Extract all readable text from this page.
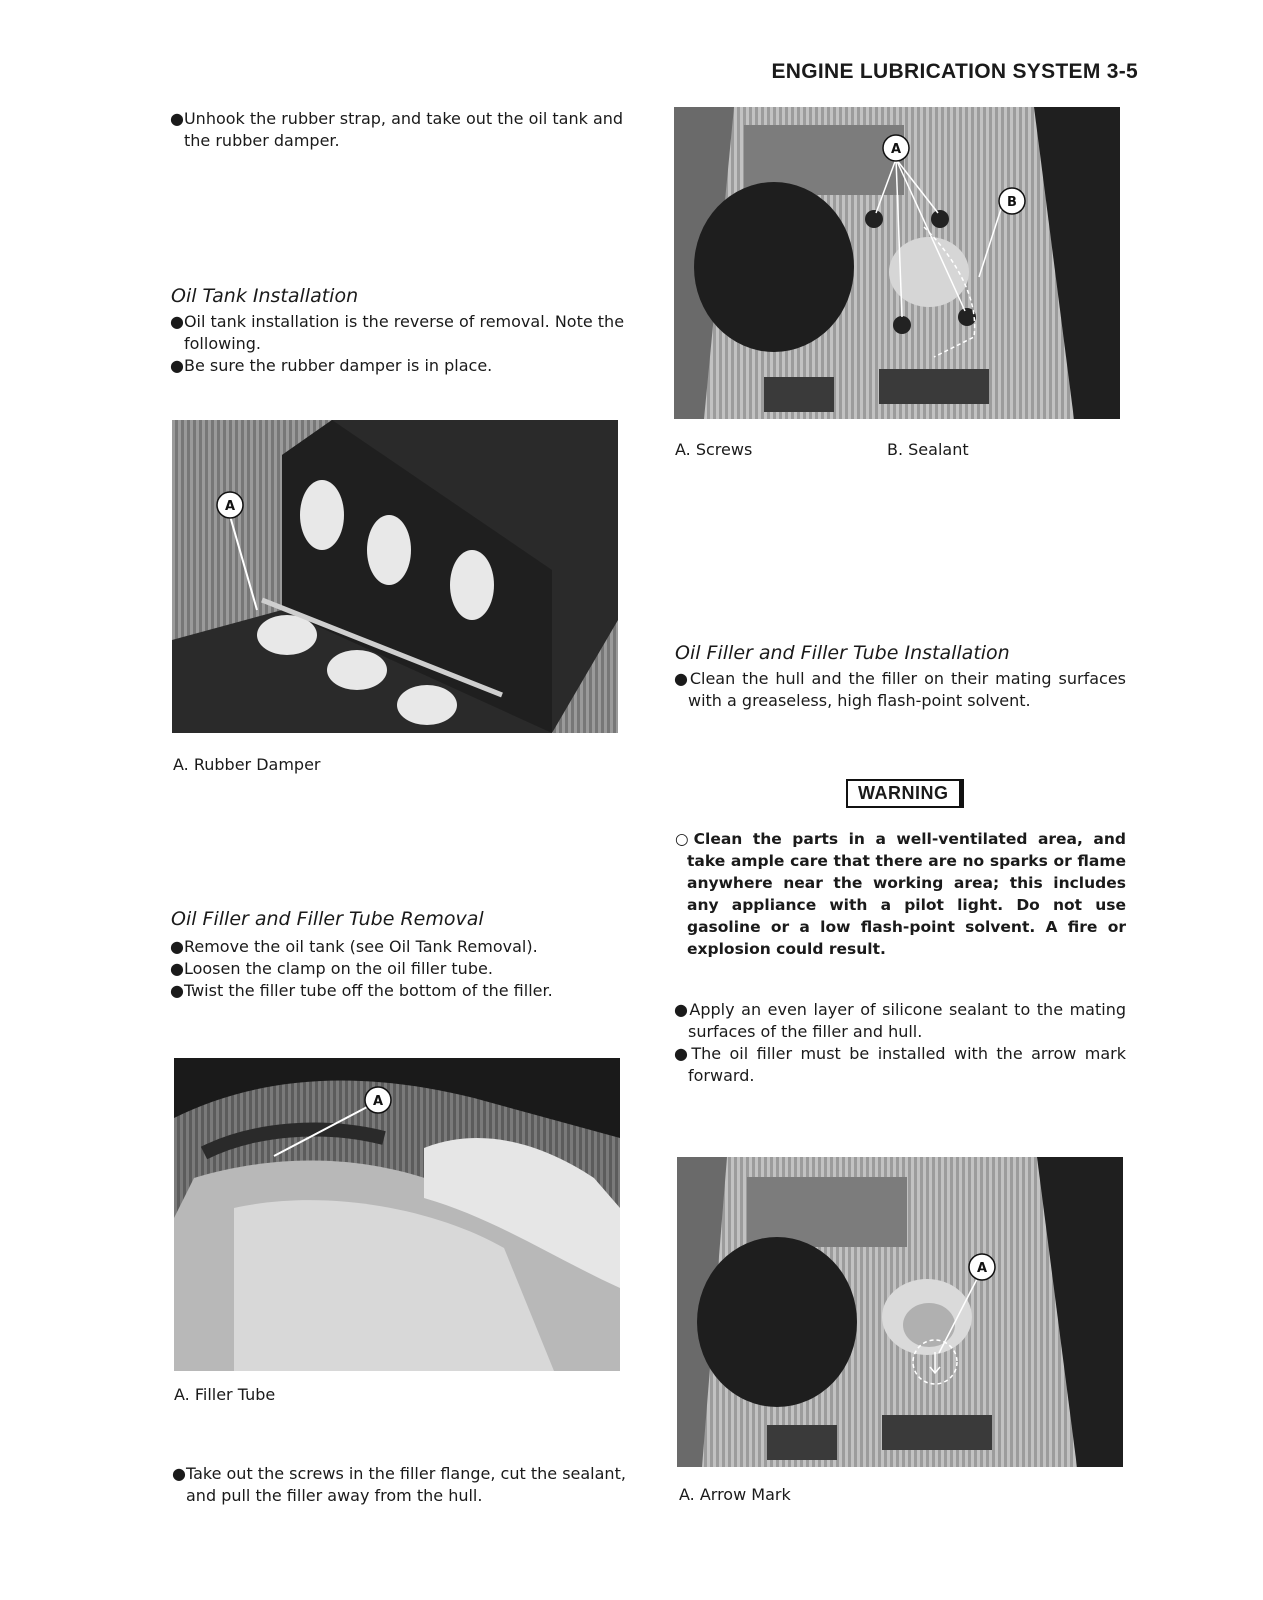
ENGINE LUBRICATION SYSTEM 3-5

●Unhook the rubber strap, and take out the oil tank and the rubber damper.

Oil Tank Installation

●Oil tank installation is the reverse of removal. Note the following.

●Be sure the rubber damper is in place.

A
A. Rubber Damper
Oil Filler and Filler Tube Removal

●Remove the oil tank (see Oil Tank Removal).

●Loosen the clamp on the oil filler tube.

●Twist the filler tube off the bottom of the filler.

A
A. Filler Tube

●Take out the screws in the filler flange, cut the sealant, and pull the filler away from the hull.

A
B
A. Screws	B. Sealant
Oil Filler and Filler Tube Installation

●Clean the hull and the filler on their mating surfaces with a greaseless, high flash-point solvent.

WARNING

○Clean the parts in a well-ventilated area, and take ample care that there are no sparks or flame anywhere near the working area; this includes any appliance with a pilot light. Do not use gasoline or a low flash-point solvent. A fire or explosion could result.

●Apply an even layer of silicone sealant to the mating surfaces of the filler and hull.

●The oil filler must be installed with the arrow mark forward.

A
A. Arrow Mark
